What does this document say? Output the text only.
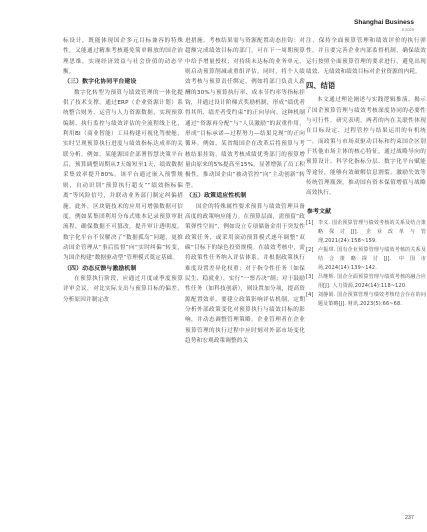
Shanghai Business
5 2025

标设计，既能体现国企多元目标兼容的特殊性，又能通过精准考核避免简单粗放的国企治理思维，实现经济效益与社会价值的动态平衡。

（三）数字化协同平台建设

数字化转型为预算与绩效管理的一体化提供了技术支撑。通过ERP（企业资源计划）系统整合财务、运营与人力资源数据，实现预算编制、执行监控与绩效评估的全流程线上化，利用BI（商业智能）工具构建可视化驾驶舱，实时呈现预算执行进度与绩效指标达成率的关联分析。例如，某能源国企部署智慧决策平台后，预算调整周期从7天缩短至1天，绩效数据采集效率提升80%。该平台通过嵌入预警规则，自动识别“预算执行超支”“绩效指标偏离”等风险信号，并联动业务部门制定纠偏措施。此外，区块链技术的应用可增强数据可信度，例如某集团利用分布式账本记录预算审批流程，确保数据不可篡改，提升审计透明度。数字化平台不仅解决了“数据孤岛”问题，更推动国企管理从“事后监督”向“实时纠偏”转变，为国企构建“数据驱动型”管理模式奠定基础。

（四）动态反馈与激励机制

在预算执行阶段，应通过月度或季度预算评审会议，对比实际支出与预算目标的偏差，分析原因并制定改

进措施。考核结果需与资源配置动态挂钩：对超额完成绩效目标的部门，可在下一周期预算中给予增量授权；对持续未达标的业务单元，则启动预算削减或重组评估。同时，将个人绩效考核与预算责任绑定，例如将部门负责人薪酬的30%与预算执行率、成本节约率等指标挂钩，并通过设计阶梯式奖励机制，形成“绩优者得其所、绩差者受约束”的正向导向。这种机制通过“资源再分配”与“人员激励”的双重作用，形成“目标承诺—过程努力—结果兑现”的正向循环。例如，某省级国企在改革后将预算与考核结果挂钩，绩效考核成绩优秀部门的预算增量由原来的5%提高至15%，显著增强了员工积极性，推动国企由“被动管控”向“主动创新”转型。

（五）政策适应性机制

国企的特殊属性要求预算与绩效管理具备高度的政策响应能力。在预算层面，需预留“政策弹性空间”，例如设立专项储备金用于突发性政策任务，或采用滚动预算模式逐年调整“双碳”目标下的绿色投资规模。在绩效考核中，需将政策性任务纳入评估体系，并根据政策执行难度设置差异化权重：对于指令性任务（如保民生、稳就业），实行“一票否决”制；对于鼓励性任务（如科技创新），则设置加分项，提高资源配置效率，要建立政策影响评估机制，定期分析外部政策变化对预算执行与绩效目标的影响，并动态调整管理策略。企业管理者在企业预算管理的执行过程中应时刻对外部市场变化趋势和宏观政策调整的关

注，保持全面预算管理和绩效评价的执行弹性。并且要完善企业内部监督机制，确保绩效运行按照全面预算管理的要求进行，避免出现绩效、无绩效和绩效目标对企业资源的内耗。

四、结语

本文通过理论阐述与实践逻辑推演，揭示了国企预算管理与绩效考核深度协同的必要性与可行性。研究表明，两者的内在关联性体现在目标设定、过程管控与结果运用的有机统一。而政策与市场双驱动目标和约束国企区别于其他市场主体的核心特征，通过战略导向的预算设计、科学化指标分层、数字化平台赋能等途径，能够有效破解信息割裂、激励失效等传统管理瓶颈，推动国有资本保值增值与战略高效执行。

参考文献
[1] 李义. 国企预算管理与绩效考核的关系及结合策略探讨[J]. 企业改革与管理,2021(24):158~159.
[2] 卢振琪. 国有企业预算管理与绩效考核的关系及结合策略探讨[J]. 中国市场,2024(14):139~142.
[3] 吕继辉. 国企全面预算管理与绩效考核的融合应用[J]. 人力资源,2024(14):118~120.
[4] 刘静娟. 国企预算管理与绩效考核结合存在的问题及策略[J]. 财讯,2023(5):66~68.
237
